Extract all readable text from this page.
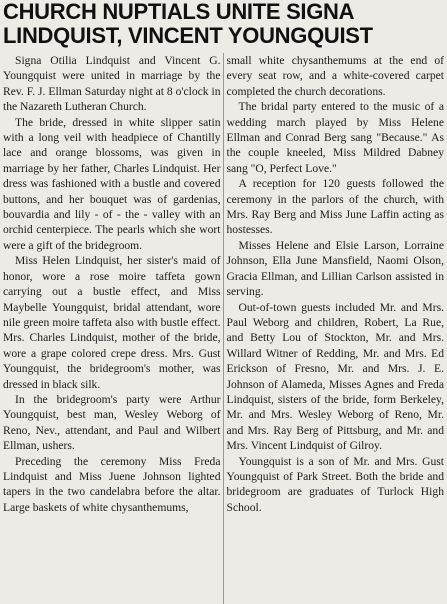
CHURCH NUPTIALS UNITE SIGNA
LINDQUIST, VINCENT YOUNGQUIST

Signa Otilia Lindquist and Vincent G. Youngquist were united in marriage by the Rev. F. J. Ellman Saturday night at 8 o'clock in the Nazareth Lutheran Church.

The bride, dressed in white slipper satin with a long veil with headpiece of Chantilly lace and orange blossoms, was given in marriage by her father, Charles Lindquist. Her dress was fashioned with a bustle and covered buttons, and her bouquet was of gardenias, bouvardia and lily - of - the - valley with an orchid centerpiece. The pearls which she wort were a gift of the bridegroom.

Miss Helen Lindquist, her sister's maid of honor, wore a rose moire taffeta gown carrying out a bustle effect, and Miss Maybelle Youngquist, bridal attendant, wore nile green moire taffeta also with bustle effect. Mrs. Charles Lindquist, mother of the bride, wore a grape colored crepe dress. Mrs. Gust Youngquist, the bridegroom's mother, was dressed in black silk.

In the bridegroom's party were Arthur Youngquist, best man, Wesley Weborg of Reno, Nev., attendant, and Paul and Wilbert Ellman, ushers.

Preceding the ceremony Miss Freda Lindquist and Miss Juene Johnson lighted tapers in the two candelabra before the altar. Large baskets of white chysanthemums,

small white chysanthemums at the end of every seat row, and a white-covered carpet completed the church decorations.

The bridal party entered to the music of a wedding march played by Miss Helene Ellman and Conrad Berg sang "Because." As the couple kneeled, Miss Mildred Dabney sang "O, Perfect Love."

A reception for 120 guests followed the ceremony in the parlors of the church, with Mrs. Ray Berg and Miss June Laffin acting as hostesses.

Misses Helene and Elsie Larson, Lorraine Johnson, Ella June Mansfield, Naomi Olson, Gracia Ellman, and Lillian Carlson assisted in serving.

Out-of-town guests included Mr. and Mrs. Paul Weborg and children, Robert, La Rue, and Betty Lou of Stockton, Mr. and Mrs. Willard Witner of Redding, Mr. and Mrs. Ed Erickson of Fresno, Mr. and Mrs. J. E. Johnson of Alameda, Misses Agnes and Freda Lindquist, sisters of the bride, form Berkeley, Mr. and Mrs. Wesley Weborg of Reno, Mr. and Mrs. Ray Berg of Pittsburg, and Mr. and Mrs. Vincent Lindquist of Gilroy.

Youngquist is a son of Mr. and Mrs. Gust Youngquist of Park Street. Both the bride and bridegroom are graduates of Turlock High School.
